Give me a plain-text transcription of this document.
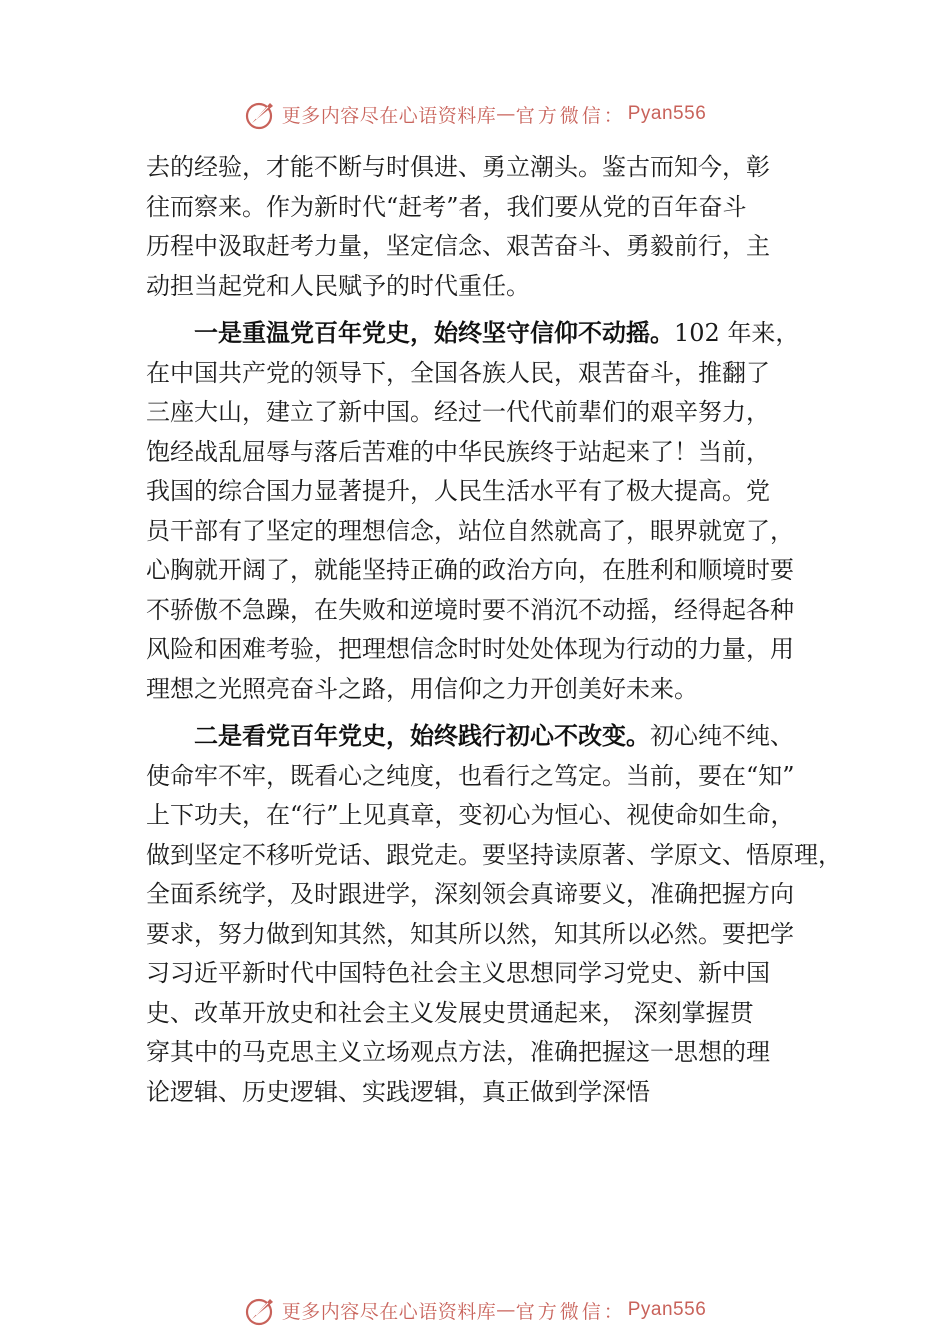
更多内容尽在心语资料库 — 官方微信： Pyan556
去的经验，才能不断与时俱进、勇立潮头。鉴古而知今，彰
往而察来。作为新时代“赶考”者，我们要从党的百年奋斗
历程中汲取赶考力量，坚定信念、艰苦奋斗、勇毅前行，主
动担当起党和人民赋予的时代重任。
一是重温党百年党史，始终坚守信仰不动摇。102 年来，
在中国共产党的领导下，全国各族人民，艰苦奋斗，推翻了
三座大山，建立了新中国。经过一代代前辈们的艰辛努力，
饱经战乱屈辱与落后苦难的中华民族终于站起来了！当前，
我国的综合国力显著提升，人民生活水平有了极大提高。党
员干部有了坚定的理想信念，站位自然就高了，眼界就宽了，
心胸就开阔了，就能坚持正确的政治方向，在胜利和顺境时要
不骄傲不急躁，在失败和逆境时要不消沉不动摇，经得起各种
风险和困难考验，把理想信念时时处处体现为行动的力量，用
理想之光照亮奋斗之路，用信仰之力开创美好未来。
二是看党百年党史，始终践行初心不改变。初心纯不纯、
使命牢不牢，既看心之纯度，也看行之笃定。当前，要在“知”
上下功夫，在“行”上见真章，变初心为恒心、视使命如生命，
做到坚定不移听党话、跟党走。要坚持读原著、学原文、悟原理，
全面系统学，及时跟进学，深刻领会真谛要义，准确把握方向
要求，努力做到知其然，知其所以然，知其所以必然。要把学
习习近平新时代中国特色社会主义思想同学习党史、新中国
史、改革开放史和社会主义发展史贯通起来， 深刻掌握贯
穿其中的马克思主义立场观点方法，准确把握这一思想的理
论逻辑、历史逻辑、实践逻辑，真正做到学深悟
更多内容尽在心语资料库 — 官方微信： Pyan556
